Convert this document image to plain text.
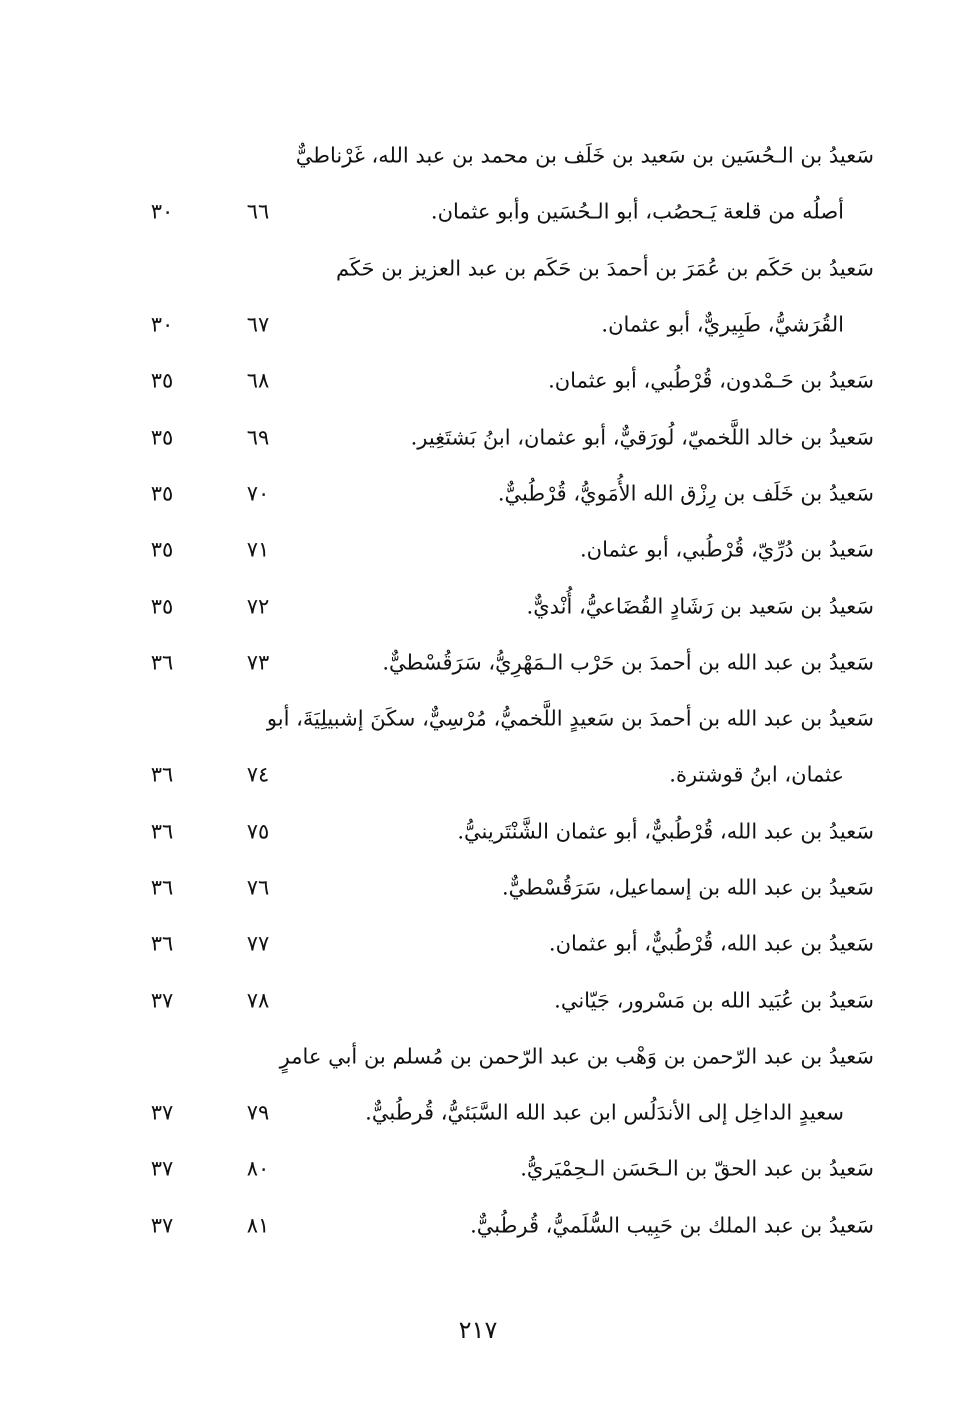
سَعيدُ بن الـحُسَين بن سَعيد بن خَلَف بن محمد بن عبد الله، غَرْناطيٌّ
أصلُه من قلعة يَـحصُب، أبو الـحُسَين وأبو عثمان.
٦٦
٣٠
سَعيدُ بن حَكَم بن عُمَرَ بن أحمدَ بن حَكَم بن عبد العزيز بن حَكَم
القُرَشيُّ، طَبِيريٌّ، أبو عثمان.
٦٧
٣٠
سَعيدُ بن حَـمْدون، قُرْطُبي، أبو عثمان.
٦٨
٣٥
سَعيدُ بن خالد اللَّخميّ، لُورَقيٌّ، أبو عثمان، ابنُ بَشتَغِير.
٦٩
٣٥
سَعيدُ بن خَلَف بن رِزْق الله الأُمَويُّ، قُرْطُبيٌّ.
٧٠
٣٥
سَعيدُ بن دُرِّيّ، قُرْطُبي، أبو عثمان.
٧١
٣٥
سَعيدُ بن سَعيد بن رَشَادٍ القُضَاعيُّ، أُنْديٌّ.
٧٢
٣٥
سَعيدُ بن عبد الله بن أحمدَ بن حَرْب الـمَهْرِيُّ، سَرَقُسْطيٌّ.
٧٣
٣٦
سَعيدُ بن عبد الله بن أحمدَ بن سَعيدٍ اللَّخميُّ، مُرْسِيٌّ، سكَنَ إشبيلِيَةَ، أبو
عثمان، ابنُ قوشترة.
٧٤
٣٦
سَعيدُ بن عبد الله، قُرْطُبيٌّ، أبو عثمان الشَّنْتَرينيُّ.
٧٥
٣٦
سَعيدُ بن عبد الله بن إسماعيل، سَرَقُسْطيٌّ.
٧٦
٣٦
سَعيدُ بن عبد الله، قُرْطُبيٌّ، أبو عثمان.
٧٧
٣٦
سَعيدُ بن عُبَيد الله بن مَسْرور، جَيّاني.
٧٨
٣٧
سَعيدُ بن عبد الرّحمن بن وَهْب بن عبد الرّحمن بن مُسلم بن أبي عامرٍ
سعيدٍ الداخِل إلى الأندَلُس ابن عبد الله السَّبَئيُّ، قُرطُبيٌّ.
٧٩
٣٧
سَعيدُ بن عبد الحقّ بن الـحَسَن الـحِمْيَريُّ.
٨٠
٣٧
سَعيدُ بن عبد الملك بن حَبِيب السُّلَميُّ، قُرطُبيٌّ.
٨١
٣٧
٢١٧
